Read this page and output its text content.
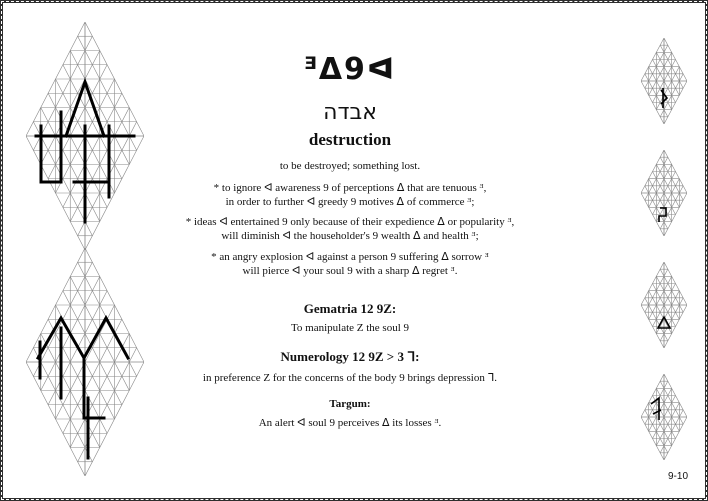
ᴲᐃ9ᐊ
אבדה
destruction
to be destroyed; something lost.
* to ignore ᐊ awareness 9 of perceptions ᐃ that are tenuous ᴲ,
in order to further ᐊ greedy 9 motives ᐃ of commerce ᴲ;
* ideas ᐊ entertained 9 only because of their expedience ᐃ or popularity ᴲ,
will diminish ᐊ the householder's 9 wealth ᐃ and health ᴲ;
* an angry explosion ᐊ against a person 9 suffering ᐃ sorrow ᴲ
will pierce ᐊ your soul 9 with a sharp ᐃ regret ᴲ.
Gematria 12 9Z:
To manipulate Z the soul 9
Numerology 12 9Z > 3 ᒣ:
in preference Z for the concerns of the body 9 brings depression ᒣ.
Targum:
An alert ᐊ soul 9 perceives ᐃ its losses ᴲ.
9-10
